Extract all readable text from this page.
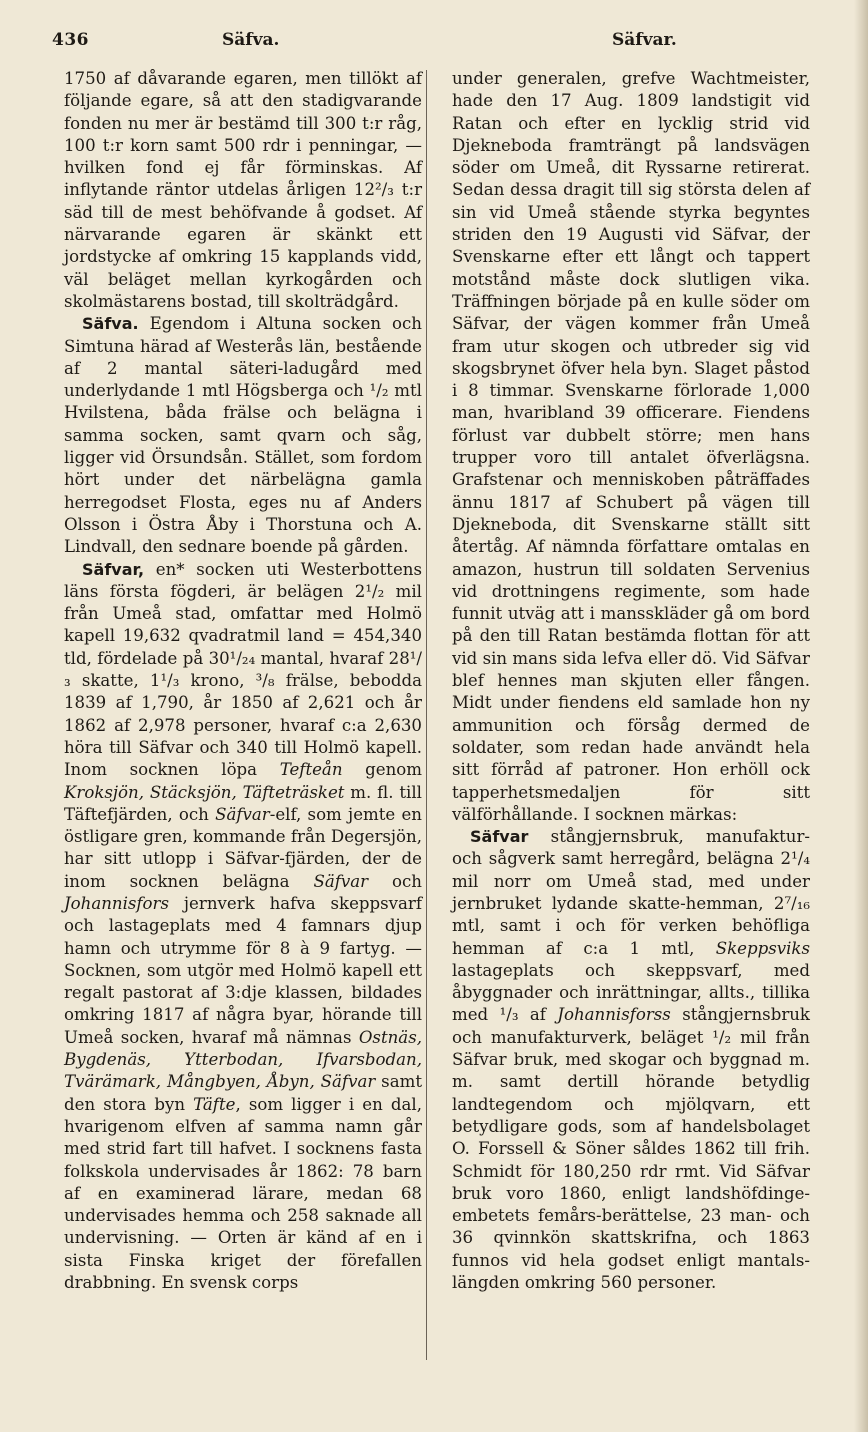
436	Säfva.	Säfvar.

1750 af dåvarande egaren, men tillökt af följande egare, så att den stadigvarande fonden nu mer är bestämd till 300 t:r råg, 100 t:r korn samt 500 rdr i penningar, — hvilken fond ej får förminskas. Af inflytande räntor utdelas årligen 12²/₃ t:r säd till de mest behöfvande å godset. Af närvarande egaren är skänkt ett jordstycke af omkring 15 kapplands vidd, väl beläget mellan kyrkogården och skolmästarens bostad, till skolträdgård.

Säfva. Egendom i Altuna socken och Simtuna härad af Westerås län, bestående af 2 mantal säteri-ladugård med underlydande 1 mtl Högsberga och ¹/₂ mtl Hvilstena, båda frälse och belägna i samma socken, samt qvarn och såg, ligger vid Örsundsån. Stället, som fordom hört under det närbelägna gamla herregodset Flosta, eges nu af Anders Olsson i Östra Åby i Thorstuna och A. Lindvall, den sednare boende på gården.

Säfvar, en* socken uti Westerbottens läns första fögderi, är belägen 2¹/₂ mil från Umeå stad, omfattar med Holmö kapell 19,632 qvadratmil land = 454,340 tld, fördelade på 30¹/₂₄ mantal, hvaraf 28¹/₃ skatte, 1¹/₃ krono, ³/₈ frälse, bebodda 1839 af 1,790, år 1850 af 2,621 och år 1862 af 2,978 personer, hvaraf c:a 2,630 höra till Säfvar och 340 till Holmö kapell. Inom socknen löpa Teftеån genom Kroksjön, Stäcksjön, Täftеträsket m. fl. till Täftefjärden, och Säfvar-elf, som jemte en östligare gren, kommande från Degersjön, har sitt utlopp i Säfvar-fjärden, der de inom socknen belägna Säfvar och Johannisfors jernverk hafva skeppsvarf och lastageplats med 4 famnars djup hamn och utrymme för 8 à 9 fartyg. — Socknen, som utgör med Holmö kapell ett regalt pastorat af 3:dje klassen, bildades omkring 1817 af några byar, hörande till Umeå socken, hvaraf må nämnas Ostnäs, Bygdenäs, Ytterbodan, Ifvarsbodan, Tvärämark, Mångbyen, Åbyn, Säfvar samt den stora byn Täfte, som ligger i en dal, hvarigenom elfven af samma namn går med strid fart till hafvet. I socknens fasta folkskola undervisades år 1862: 78 barn af en examinerad lärare, medan 68 undervisades hemma och 258 saknade all undervisning. — Orten är känd af en i sista Finska kriget der förefallen drabbning. En svensk corps

under generalen, grefve Wachtmeister, hade den 17 Aug. 1809 landstigit vid Ratan och efter en lycklig strid vid Djekneboda framträngt på landsvägen söder om Umeå, dit Ryssarne retirerat. Sedan dessa dragit till sig största delen af sin vid Umeå stående styrka begyntes striden den 19 Augusti vid Säfvar, der Svenskarne efter ett långt och tappert motstånd måste dock slutligen vika. Träffningen började på en kulle söder om Säfvar, der vägen kommer från Umeå fram utur skogen och utbreder sig vid skogsbrynet öfver hela byn. Slaget påstod i 8 timmar. Svenskarne förlorade 1,000 man, hvaribland 39 officerare. Fiendens förlust var dubbelt större; men hans trupper voro till antalet öfverlägsna. Grafstenar och menniskoben påträffades ännu 1817 af Schubert på vägen till Djekneboda, dit Svenskarne ställt sitt återtåg. Af nämnda författare omtalas en amazon, hustrun till soldaten Servenius vid drottningens regimente, som hade funnit utväg att i mansskläder gå om bord på den till Ratan bestämda flottan för att vid sin mans sida lefva eller dö. Vid Säfvar blef hennes man skjuten eller fången. Midt under fiendens eld samlade hon ny ammunition och försåg dermed de soldater, som redan hade användt hela sitt förråd af patroner. Hon erhöll ock tapperhetsmedaljen för sitt välförhållande. I socknen märkas:

Säfvar stångjernsbruk, manufaktur- och sågverk samt herregård, belägna 2¹/₄ mil norr om Umeå stad, med under jernbruket lydande skatte-hemman, 2⁷/₁₆ mtl, samt i och för verken behöfliga hemman af c:a 1 mtl, Skeppsviks lastageplats och skeppsvarf, med åbyggnader och inrättningar, allts., tillika med ¹/₃ af Johannisforss stångjernsbruk och manufakturverk, beläget ¹/₂ mil från Säfvar bruk, med skogar och byggnad m. m. samt dertill hörande betydlig landtegendom och mjölqvarn, ett betydligare gods, som af handelsbolaget O. Forssell & Söner såldes 1862 till frih. Schmidt för 180,250 rdr rmt. Vid Säfvar bruk voro 1860, enligt landshöfdinge-embetets femårs-berättelse, 23 man- och 36 qvinnkön skattskrifna, och 1863 funnos vid hela godset enligt mantals-längden omkring 560 personer.
